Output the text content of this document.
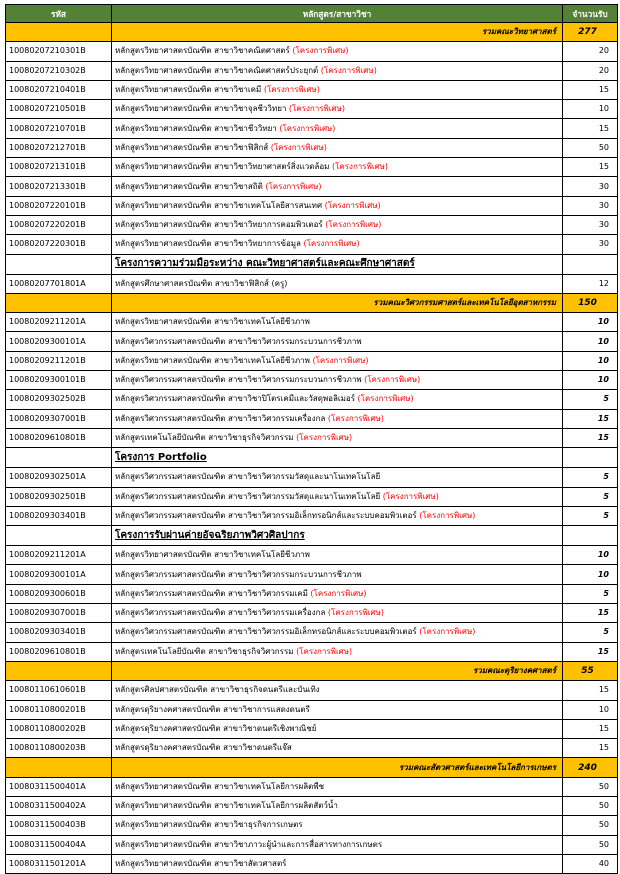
รหัส	หลักสูตร/สาขาวิชา	จำนวนรับ
	รวมคณะวิทยาศาสตร์	277
10080207210301B	หลักสูตรวิทยาศาสตรบัณฑิต สาขาวิชาคณิตศาสตร์ (โครงการพิเศษ)	20
10080207210302B	หลักสูตรวิทยาศาสตรบัณฑิต สาขาวิชาคณิตศาสตร์ประยุกต์ (โครงการพิเศษ)	20
10080207210401B	หลักสูตรวิทยาศาสตรบัณฑิต สาขาวิชาเคมี (โครงการพิเศษ)	15
10080207210501B	หลักสูตรวิทยาศาสตรบัณฑิต สาขาวิชาจุลชีววิทยา (โครงการพิเศษ)	10
10080207210701B	หลักสูตรวิทยาศาสตรบัณฑิต สาขาวิชาชีววิทยา (โครงการพิเศษ)	15
10080207212701B	หลักสูตรวิทยาศาสตรบัณฑิต สาขาวิชาฟิสิกส์ (โครงการพิเศษ)	50
10080207213101B	หลักสูตรวิทยาศาสตรบัณฑิต สาขาวิชาวิทยาศาสตร์สิ่งแวดล้อม (โครงการพิเศษ)	15
10080207213301B	หลักสูตรวิทยาศาสตรบัณฑิต สาขาวิชาสถิติ (โครงการพิเศษ)	30
10080207220101B	หลักสูตรวิทยาศาสตรบัณฑิต สาขาวิชาเทคโนโลยีสารสนเทศ (โครงการพิเศษ)	30
10080207220201B	หลักสูตรวิทยาศาสตรบัณฑิต สาขาวิชาวิทยาการคอมพิวเตอร์ (โครงการพิเศษ)	30
10080207220301B	หลักสูตรวิทยาศาสตรบัณฑิต สาขาวิชาวิทยาการข้อมูล (โครงการพิเศษ)	30
	โครงการความร่วมมือระหว่าง คณะวิทยาศาสตร์และคณะศึกษาศาสตร์	
10080207701801A	หลักสูตรศึกษาศาสตรบัณฑิต สาขาวิชาฟิสิกส์ (ครู)	12
	รวมคณะวิศวกรรมศาสตร์และเทคโนโลยีอุตสาหกรรม	150
10080209211201A	หลักสูตรวิทยาศาสตรบัณฑิต สาขาวิชาเทคโนโลยีชีวภาพ	10
10080209300101A	หลักสูตรวิศวกรรมศาสตรบัณฑิต สาขาวิชาวิศวกรรมกระบวนการชีวภาพ	10
10080209211201B	หลักสูตรวิทยาศาสตรบัณฑิต สาขาวิชาเทคโนโลยีชีวภาพ (โครงการพิเศษ)	10
10080209300101B	หลักสูตรวิศวกรรมศาสตรบัณฑิต สาขาวิชาวิศวกรรมกระบวนการชีวภาพ (โครงการพิเศษ)	10
10080209302502B	หลักสูตรวิศวกรรมศาสตรบัณฑิต สาขาวิชาปิโตรเคมีและวัสดุพอลิเมอร์ (โครงการพิเศษ)	5
10080209307001B	หลักสูตรวิศวกรรมศาสตรบัณฑิต สาขาวิชาวิศวกรรมเครื่องกล (โครงการพิเศษ)	15
10080209610801B	หลักสูตรเทคโนโลยีบัณฑิต สาขาวิชาธุรกิจวิศวกรรม (โครงการพิเศษ)	15
	โครงการ Portfolio	
10080209302501A	หลักสูตรวิศวกรรมศาสตรบัณฑิต สาขาวิชาวิศวกรรมวัสดุและนาโนเทคโนโลยี	5
10080209302501B	หลักสูตรวิศวกรรมศาสตรบัณฑิต สาขาวิชาวิศวกรรมวัสดุและนาโนเทคโนโลยี (โครงการพิเศษ)	5
10080209303401B	หลักสูตรวิศวกรรมศาสตรบัณฑิต สาขาวิชาวิศวกรรมอิเล็กทรอนิกส์และระบบคอมพิวเตอร์ (โครงการพิเศษ)	5
	โครงการรับผ่านค่ายอัจฉริยภาพวิศวศิลปากร	
10080209211201A	หลักสูตรวิทยาศาสตรบัณฑิต สาขาวิชาเทคโนโลยีชีวภาพ	10
10080209300101A	หลักสูตรวิศวกรรมศาสตรบัณฑิต สาขาวิชาวิศวกรรมกระบวนการชีวภาพ	10
10080209300601B	หลักสูตรวิศวกรรมศาสตรบัณฑิต สาขาวิชาวิศวกรรมเคมี (โครงการพิเศษ)	5
10080209307001B	หลักสูตรวิศวกรรมศาสตรบัณฑิต สาขาวิชาวิศวกรรมเครื่องกล (โครงการพิเศษ)	15
10080209303401B	หลักสูตรวิศวกรรมศาสตรบัณฑิต สาขาวิชาวิศวกรรมอิเล็กทรอนิกส์และระบบคอมพิวเตอร์ (โครงการพิเศษ)	5
10080209610801B	หลักสูตรเทคโนโลยีบัณฑิต สาขาวิชาธุรกิจวิศวกรรม (โครงการพิเศษ)	15
	รวมคณะดุริยางคศาสตร์	55
10080110610601B	หลักสูตรศิลปศาสตรบัณฑิต สาขาวิชาธุรกิจดนตรีและบันเทิง	15
10080110800201B	หลักสูตรดุริยางคศาสตรบัณฑิต สาขาวิชาการแสดงดนตรี	10
10080110800202B	หลักสูตรดุริยางคศาสตรบัณฑิต สาขาวิชาดนตรีเชิงพาณิชย์	15
10080110800203B	หลักสูตรดุริยางคศาสตรบัณฑิต สาขาวิชาดนตรีแจ๊ส	15
	รวมคณะสัตวศาสตร์และเทคโนโลยีการเกษตร	240
10080311500401A	หลักสูตรวิทยาศาสตรบัณฑิต สาขาวิชาเทคโนโลยีการผลิตพืช	50
10080311500402A	หลักสูตรวิทยาศาสตรบัณฑิต สาขาวิชาเทคโนโลยีการผลิตสัตว์น้ำ	50
10080311500403B	หลักสูตรวิทยาศาสตรบัณฑิต สาขาวิชาธุรกิจการเกษตร	50
10080311500404A	หลักสูตรวิทยาศาสตรบัณฑิต สาขาวิชาภาวะผู้นำและการสื่อสารทางการเกษตร	50
10080311501201A	หลักสูตรวิทยาศาสตรบัณฑิต สาขาวิชาสัตวศาสตร์	40
